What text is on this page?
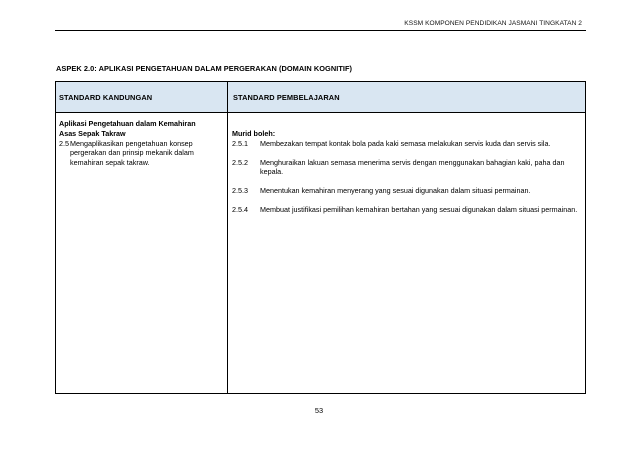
KSSM KOMPONEN PENDIDIKAN JASMANI TINGKATAN 2
ASPEK 2.0: APLIKASI PENGETAHUAN DALAM PERGERAKAN (DOMAIN KOGNITIF)
STANDARD KANDUNGAN	STANDARD PEMBELAJARAN
Aplikasi Pengetahuan dalam Kemahiran
Asas Sepak Takraw
2.5 Mengaplikasikan pengetahuan konsep pergerakan dan prinsip mekanik dalam kemahiran sepak takraw.
Murid boleh:
2.5.1	Membezakan tempat kontak bola pada kaki semasa melakukan servis kuda dan servis sila.
2.5.2	Menghuraikan lakuan semasa menerima servis dengan menggunakan bahagian kaki, paha dan kepala.
2.5.3	Menentukan kemahiran menyerang yang sesuai digunakan dalam situasi permainan.
2.5.4	Membuat justifikasi pemilihan kemahiran bertahan yang sesuai digunakan dalam situasi permainan.
53
